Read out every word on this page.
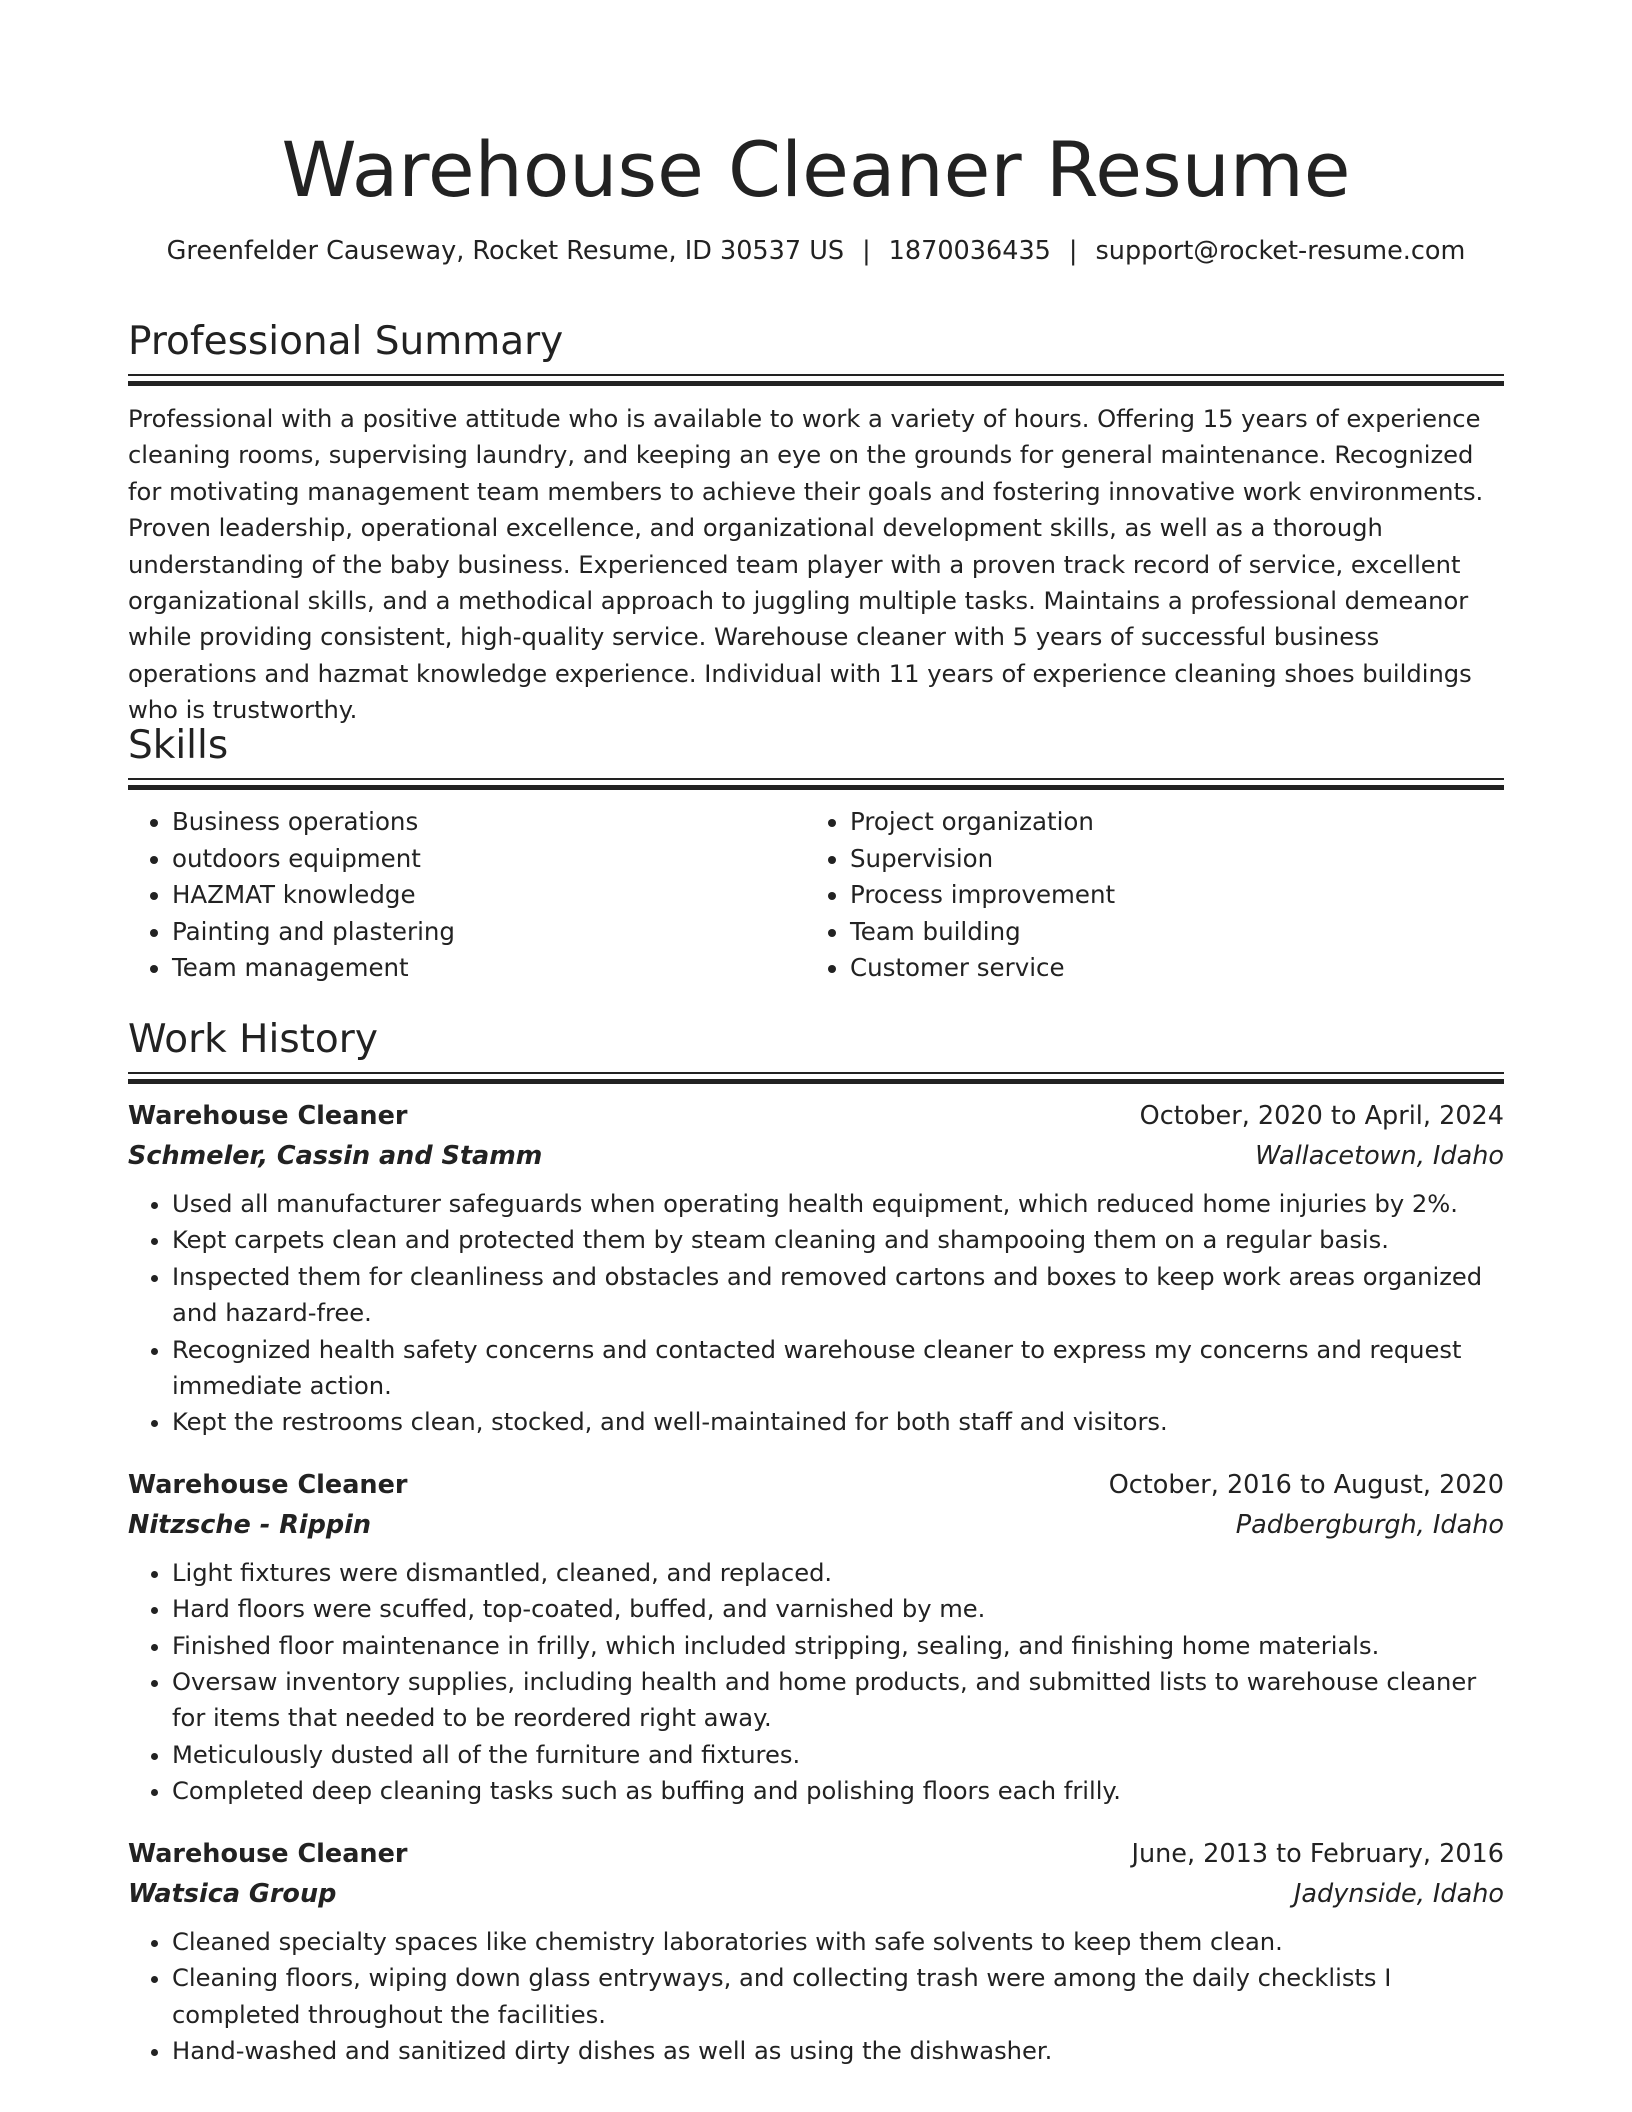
Warehouse Cleaner Resume
Greenfelder Causeway, Rocket Resume, ID 30537 US | 1870036435 | support@rocket-resume.com
Professional Summary

Professional with a positive attitude who is available to work a variety of hours. Offering 15 years of experience cleaning rooms, supervising laundry, and keeping an eye on the grounds for general maintenance. Recognized for motivating management team members to achieve their goals and fostering innovative work environments. Proven leadership, operational excellence, and organizational development skills, as well as a thorough understanding of the baby business. Experienced team player with a proven track record of service, excellent organizational skills, and a methodical approach to juggling multiple tasks. Maintains a professional demeanor while providing consistent, high-quality service. Warehouse cleaner with 5 years of successful business operations and hazmat knowledge experience. Individual with 11 years of experience cleaning shoes buildings who is trustworthy.

Skills
• Business operations
• outdoors equipment
• HAZMAT knowledge
• Painting and plastering
• Team management
• Project organization
• Supervision
• Process improvement
• Team building
• Customer service
Work History
Warehouse Cleaner	October, 2020 to April, 2024
Schmeler, Cassin and Stamm	Wallacetown, Idaho
• Used all manufacturer safeguards when operating health equipment, which reduced home injuries by 2%.
• Kept carpets clean and protected them by steam cleaning and shampooing them on a regular basis.
• Inspected them for cleanliness and obstacles and removed cartons and boxes to keep work areas organized and hazard-free.
• Recognized health safety concerns and contacted warehouse cleaner to express my concerns and request immediate action.
• Kept the restrooms clean, stocked, and well-maintained for both staff and visitors.
Warehouse Cleaner	October, 2016 to August, 2020
Nitzsche - Rippin	Padbergburgh, Idaho
• Light fixtures were dismantled, cleaned, and replaced.
• Hard floors were scuffed, top-coated, buffed, and varnished by me.
• Finished floor maintenance in frilly, which included stripping, sealing, and finishing home materials.
• Oversaw inventory supplies, including health and home products, and submitted lists to warehouse cleaner for items that needed to be reordered right away.
• Meticulously dusted all of the furniture and fixtures.
• Completed deep cleaning tasks such as buffing and polishing floors each frilly.
Warehouse Cleaner	June, 2013 to February, 2016
Watsica Group	Jadynside, Idaho
• Cleaned specialty spaces like chemistry laboratories with safe solvents to keep them clean.
• Cleaning floors, wiping down glass entryways, and collecting trash were among the daily checklists I completed throughout the facilities.
• Hand-washed and sanitized dirty dishes as well as using the dishwasher.
